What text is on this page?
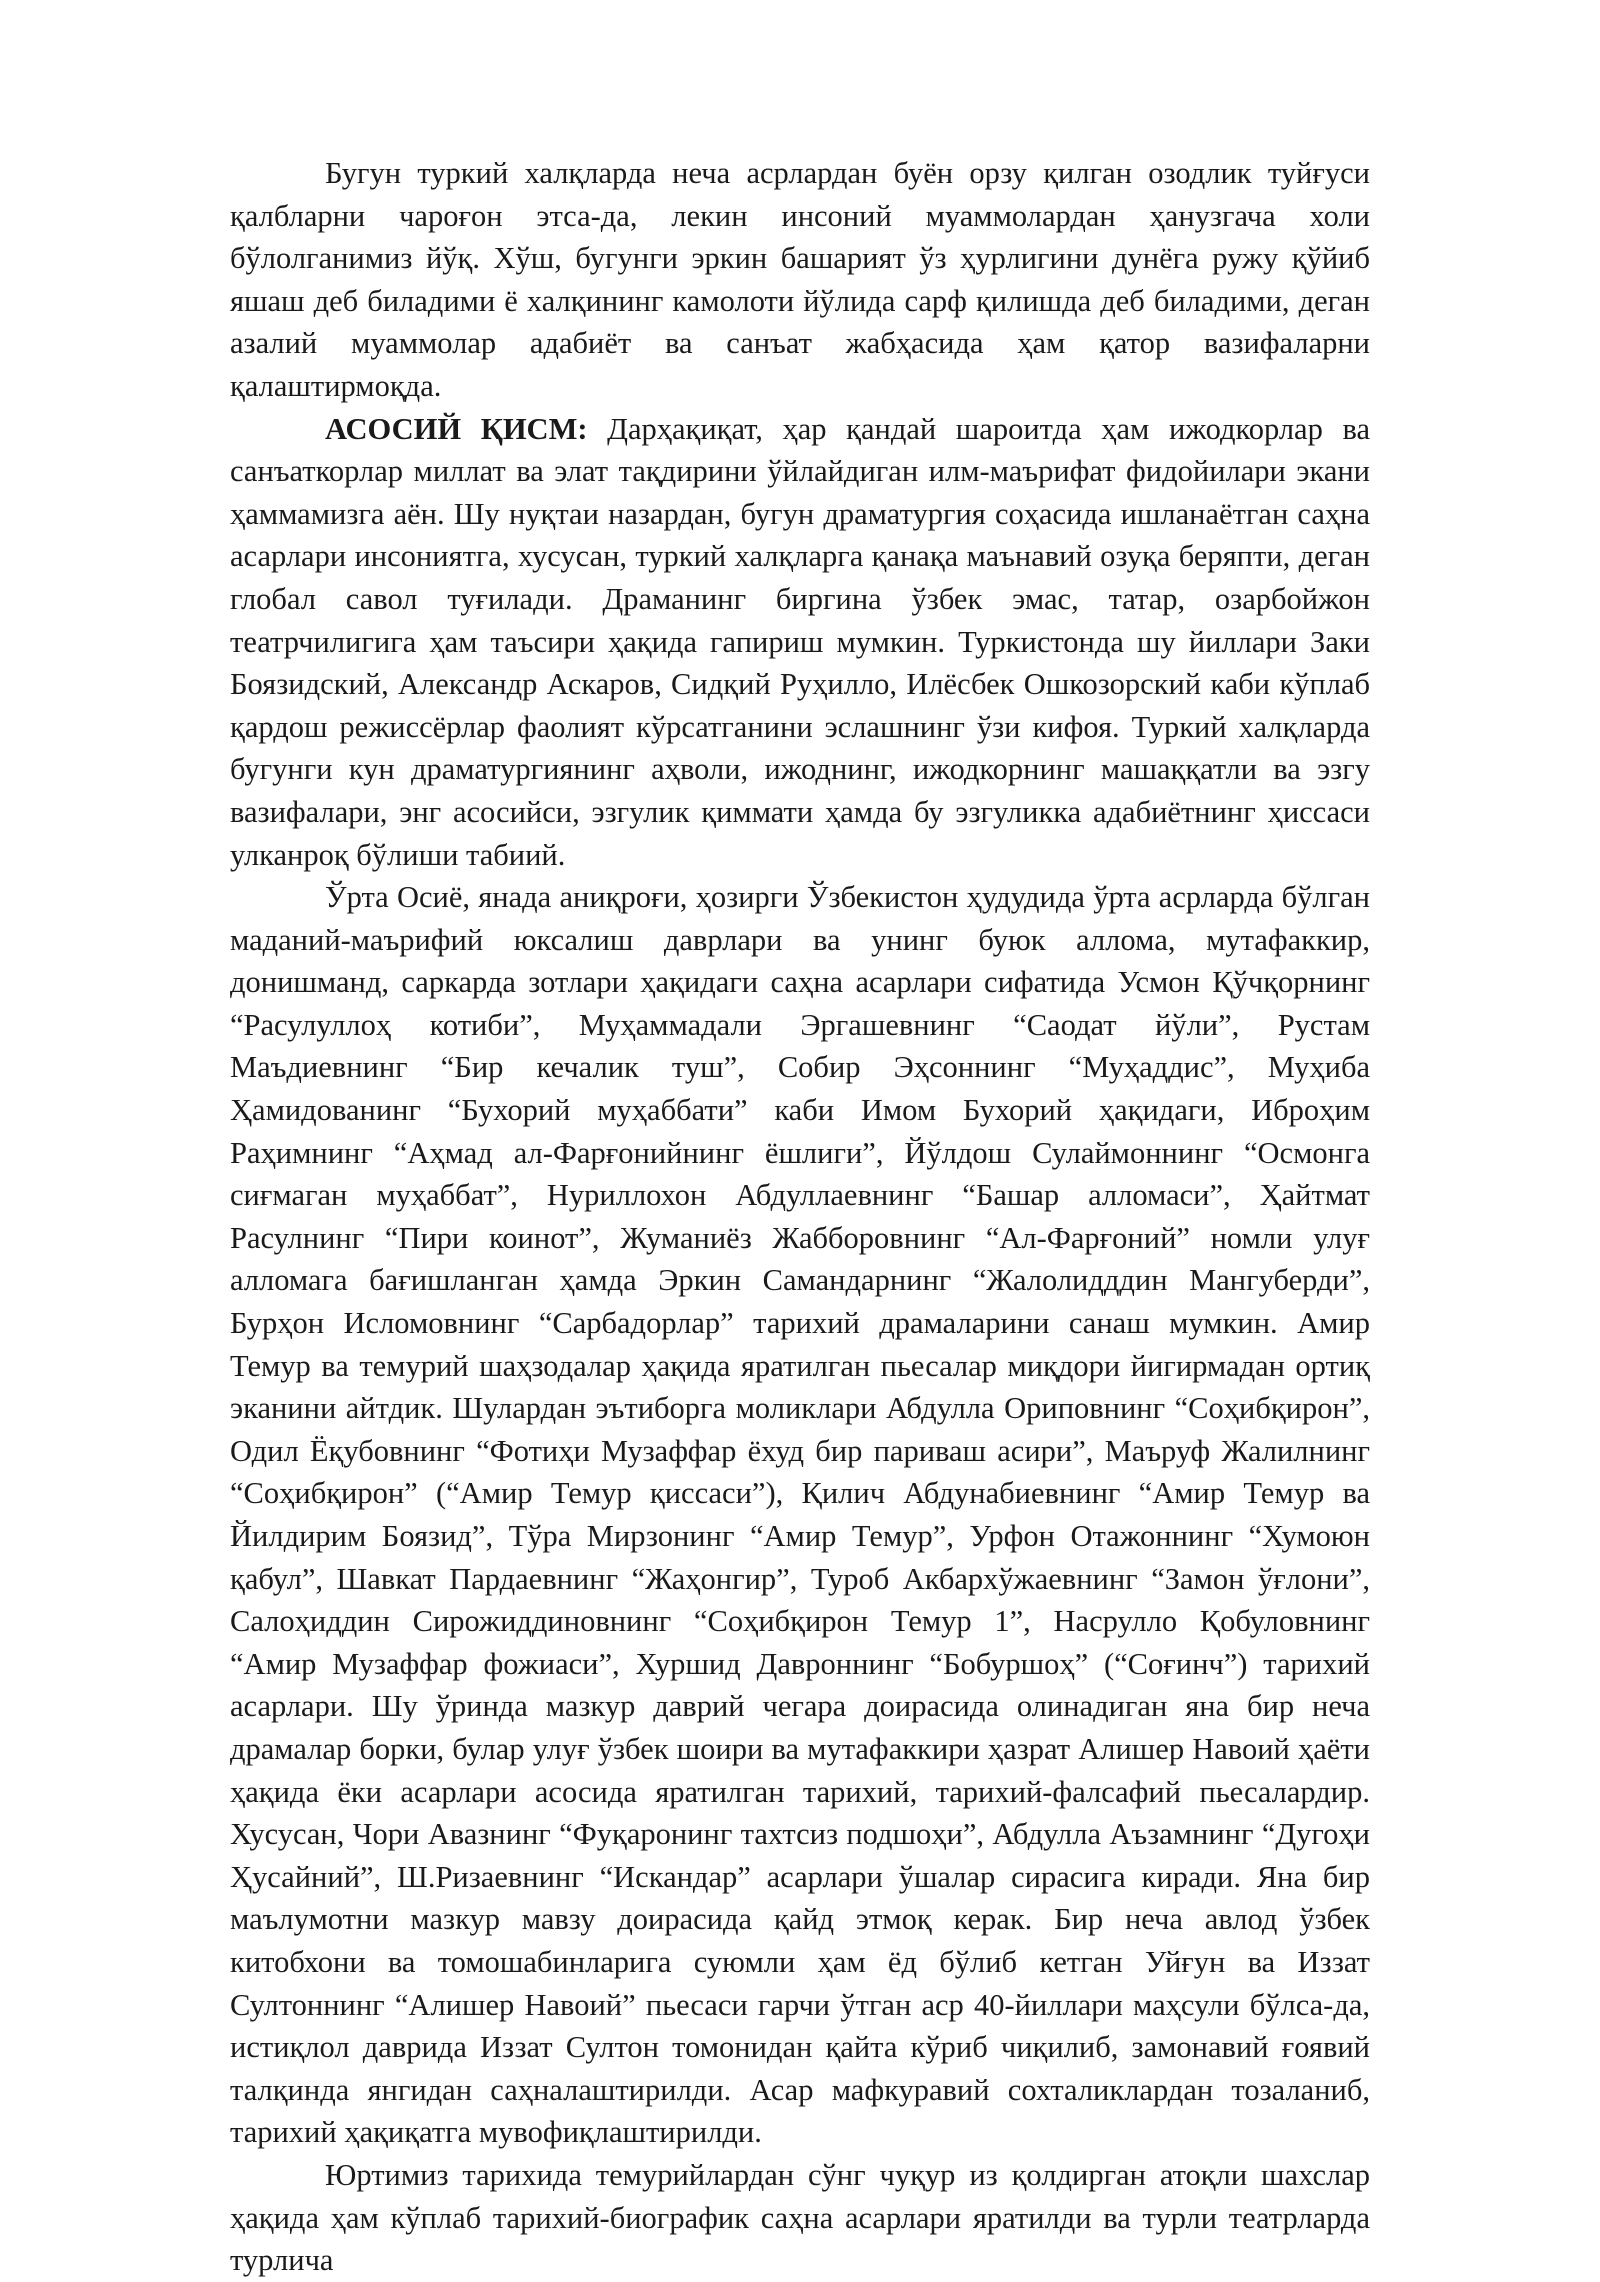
Бугун туркий халқларда неча асрлардан буён орзу қилган озодлик туйғуси қалбларни чароғон этса-да, лекин инсоний муаммолардан ҳанузгача холи бўлолганимиз йўқ. Хўш, бугунги эркин башарият ўз ҳурлигини дунёга ружу қўйиб яшаш деб биладими ё халқининг камолоти йўлида сарф қилишда деб биладими, деган азалий муаммолар адабиёт ва санъат жабҳасида ҳам қатор вазифаларни қалаштирмоқда.

АСОСИЙ ҚИСМ: Дарҳақиқат, ҳар қандай шароитда ҳам ижодкорлар ва санъаткорлар миллат ва элат тақдирини ўйлайдиган илм-маърифат фидойилари экани ҳаммамизга аён. Шу нуқтаи назардан, бугун драматургия соҳасида ишланаётган саҳна асарлари инсониятга, хусусан, туркий халқларга қанақа маънавий озуқа беряпти, деган глобал савол туғилади. Драманинг биргина ўзбек эмас, татар, озарбойжон театрчилигига ҳам таъсири ҳақида гапириш мумкин. Туркистонда шу йиллари Заки Боязидский, Александр Аскаров, Сидқий Руҳилло, Илёсбек Ошкозорский каби кўплаб қардош режиссёрлар фаолият кўрсатганини эслашнинг ўзи кифоя. Туркий халқларда бугунги кун драматургиянинг аҳволи, ижоднинг, ижодкорнинг машаққатли ва эзгу вазифалари, энг асосийси, эзгулик қиммати ҳамда бу эзгуликка адабиётнинг ҳиссаси улканроқ бўлиши табиий.

Ўрта Осиё, янада аниқроғи, ҳозирги Ўзбекистон ҳудудида ўрта асрларда бўлган маданий-маърифий юксалиш даврлари ва унинг буюк алломa, мутафаккир, донишманд, саркарда зотлари ҳақидаги саҳна асарлари сифатида Усмон Қўчқорнинг “Расулуллоҳ котиби”, Муҳаммадали Эргашевнинг “Саодат йўли”, Рустам Маъдиевнинг “Бир кечалик туш”, Собир Эҳсоннинг “Муҳаддис”, Муҳиба Ҳамидованинг “Бухорий муҳаббати” каби Имом Бухорий ҳақидаги, Иброҳим Раҳимнинг “Аҳмад ал-Фарғонийнинг ёшлиги”, Йўлдош Сулаймоннинг “Осмонга сиғмаган муҳаббат”, Нуриллохон Абдуллаевнинг “Башар алломаси”, Ҳайтмат Расулнинг “Пири коинот”, Жуманиёз Жабборовнинг “Ал-Фарғоний” номли улуғ алломага бағишланган ҳамда Эркин Самандарнинг “Жалолидддин Мангуберди”, Бурҳон Исломовнинг “Сарбадорлар” тарихий драмаларини санаш мумкин. Амир Темур ва темурий шаҳзодалар ҳақида яратилган пьесалар миқдори йигирмадан ортиқ эканини айтдик. Шулардан эътиборга моликлари Абдулла Ориповнинг “Соҳибқирон”, Одил Ёқубовнинг “Фотиҳи Музаффар ёхуд бир париваш асири”, Маъруф Жалилнинг “Соҳибқирон” (“Амир Темур қиссаси”), Қилич Абдунабиевнинг “Амир Темур ва Йилдирим Боязид”, Тўра Мирзонинг “Амир Темур”, Урфон Отажоннинг “Хумоюн қабул”, Шавкат Пардаевнинг “Жаҳонгир”, Туроб Акбархўжаевнинг “Замон ўғлони”, Салоҳиддин Сирожиддиновнинг “Соҳибқирон Темур 1”, Насрулло Қобуловнинг “Амир Музаффар фожиаси”, Хуршид Давроннинг “Бобуршоҳ” (“Соғинч”) тарихий асарлари. Шу ўринда мазкур даврий чегара доирасида олинадиган яна бир неча драмалар борки, булар улуғ ўзбек шоири ва мутафаккири ҳазрат Алишер Навоий ҳаёти ҳақида ёки асарлари асосида яратилган тарихий, тарихий-фалсафий пьесалардир. Хусусан, Чори Авазнинг “Фуқаронинг тахтсиз подшоҳи”, Абдулла Аъзамнинг “Дугоҳи Ҳусайний”, Ш.Ризаевнинг “Искандар” асарлари ўшалар сирасига киради. Яна бир маълумотни мазкур мавзу доирасида қайд этмоқ керак. Бир неча авлод ўзбек китобхони ва томошабинларига суюмли ҳам ёд бўлиб кетган Уйғун ва Иззат Султоннинг “Алишер Навоий” пьесаси гарчи ўтган аср 40-йиллари маҳсули бўлса-да, истиқлол даврида Иззат Султон томонидан қайта кўриб чиқилиб, замонавий ғоявий талқинда янгидан саҳналаштирилди. Асар мафкуравий сохталиклардан тозаланиб, тарихий ҳақиқатга мувофиқлаштирилди.

Юртимиз тарихида темурийлардан сўнг чуқур из қолдирган атоқли шахслар ҳақида ҳам кўплаб тарихий-биографик саҳна асарлари яратилди ва турли театрларда турлича
